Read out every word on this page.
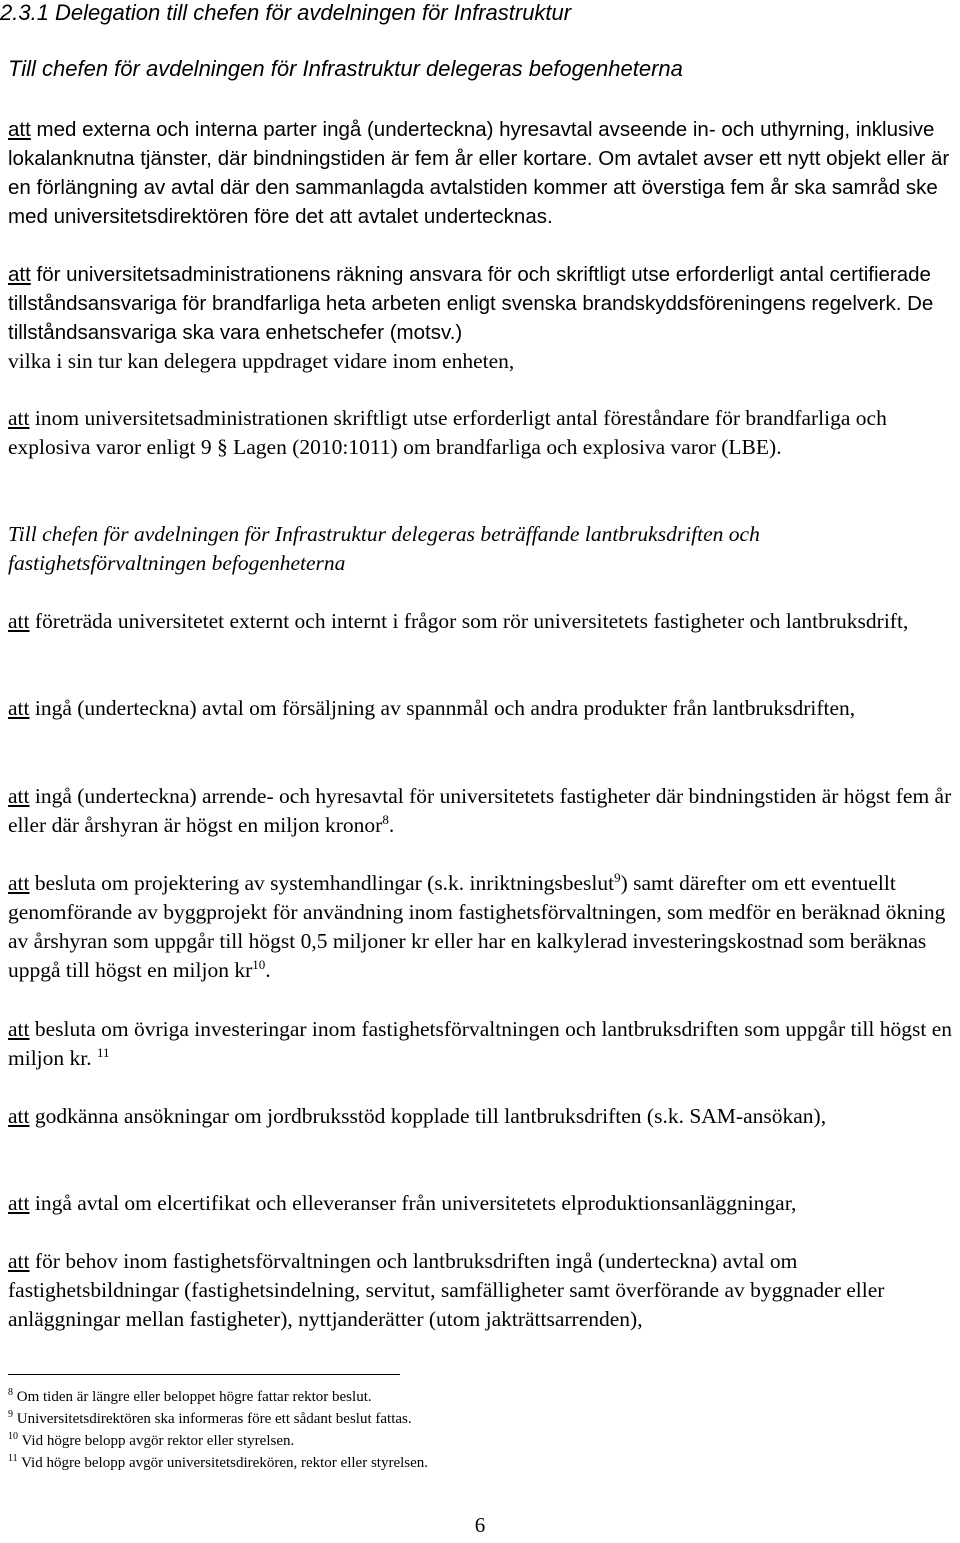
2.3.1 Delegation till chefen för avdelningen för Infrastruktur
Till chefen för avdelningen för Infrastruktur delegeras befogenheterna

att med externa och interna parter ingå (underteckna) hyresavtal avseende in- och uthyrning, inklusive lokalanknutna tjänster, där bindningstiden är fem år eller kortare. Om avtalet avser ett nytt objekt eller är en förlängning av avtal där den sammanlagda avtalstiden kommer att överstiga fem år ska samråd ske med universitetsdirektören före det att avtalet undertecknas.

att för universitetsadministrationens räkning ansvara för och skriftligt utse erforderligt antal certifierade tillståndsansvariga för brandfarliga heta arbeten enligt svenska brandskyddsföreningens regelverk. De tillståndsansvariga ska vara enhetschefer (motsv.)

vilka i sin tur kan delegera uppdraget vidare inom enheten,

att inom universitetsadministrationen skriftligt utse erforderligt antal föreståndare för brandfarliga och explosiva varor enligt 9 § Lagen (2010:1011) om brandfarliga och explosiva varor (LBE).

Till chefen för avdelningen för Infrastruktur delegeras beträffande lantbruksdriften och fastighetsförvaltningen befogenheterna

att företräda universitetet externt och internt i frågor som rör universitetets fastigheter och lantbruksdrift,

att ingå (underteckna) avtal om försäljning av spannmål och andra produkter från lantbruksdriften,

att ingå (underteckna) arrende- och hyresavtal för universitetets fastigheter där bindningstiden är högst fem år eller där årshyran är högst en miljon kronor$^8$.

att besluta om projektering av systemhandlingar (s.k. inriktningsbeslut$^9$) samt därefter om ett eventuellt genomförande av byggprojekt för användning inom fastighetsförvaltningen, som medför en beräknad ökning av årshyran som uppgår till högst 0,5 miljoner kr eller har en kalkylerad investeringskostnad som beräknas uppgå till högst en miljon $kr^{10}$.

att besluta om övriga investeringar inom fastighetsförvaltningen och lantbruksdriften som uppgår till högst en miljon kr. $^{11}$

att godkänna ansökningar om jordbruksstöd kopplade till lantbruksdriften (s.k. SAM-ansökan),

att ingå avtal om elcertifikat och elleveranser från universitetets elproduktionsanläggningar,

att för behov inom fastighetsförvaltningen och lantbruksdriften ingå (underteckna) avtal om fastighetsbildningar (fastighetsindelning, servitut, samfälligheter samt överförande av byggnader eller anläggningar mellan fastigheter), nyttjanderätter (utom jakträttsarrenden),

$^8$ Om tiden är längre eller beloppet högre fattar rektor beslut.
$^9$ Universitetsdirektören ska informeras före ett sådant beslut fattas.
$^{10}$ Vid högre belopp avgör rektor eller styrelsen.
$^{11}$ Vid högre belopp avgör universitetsdirekören, rektor eller styrelsen.
6
